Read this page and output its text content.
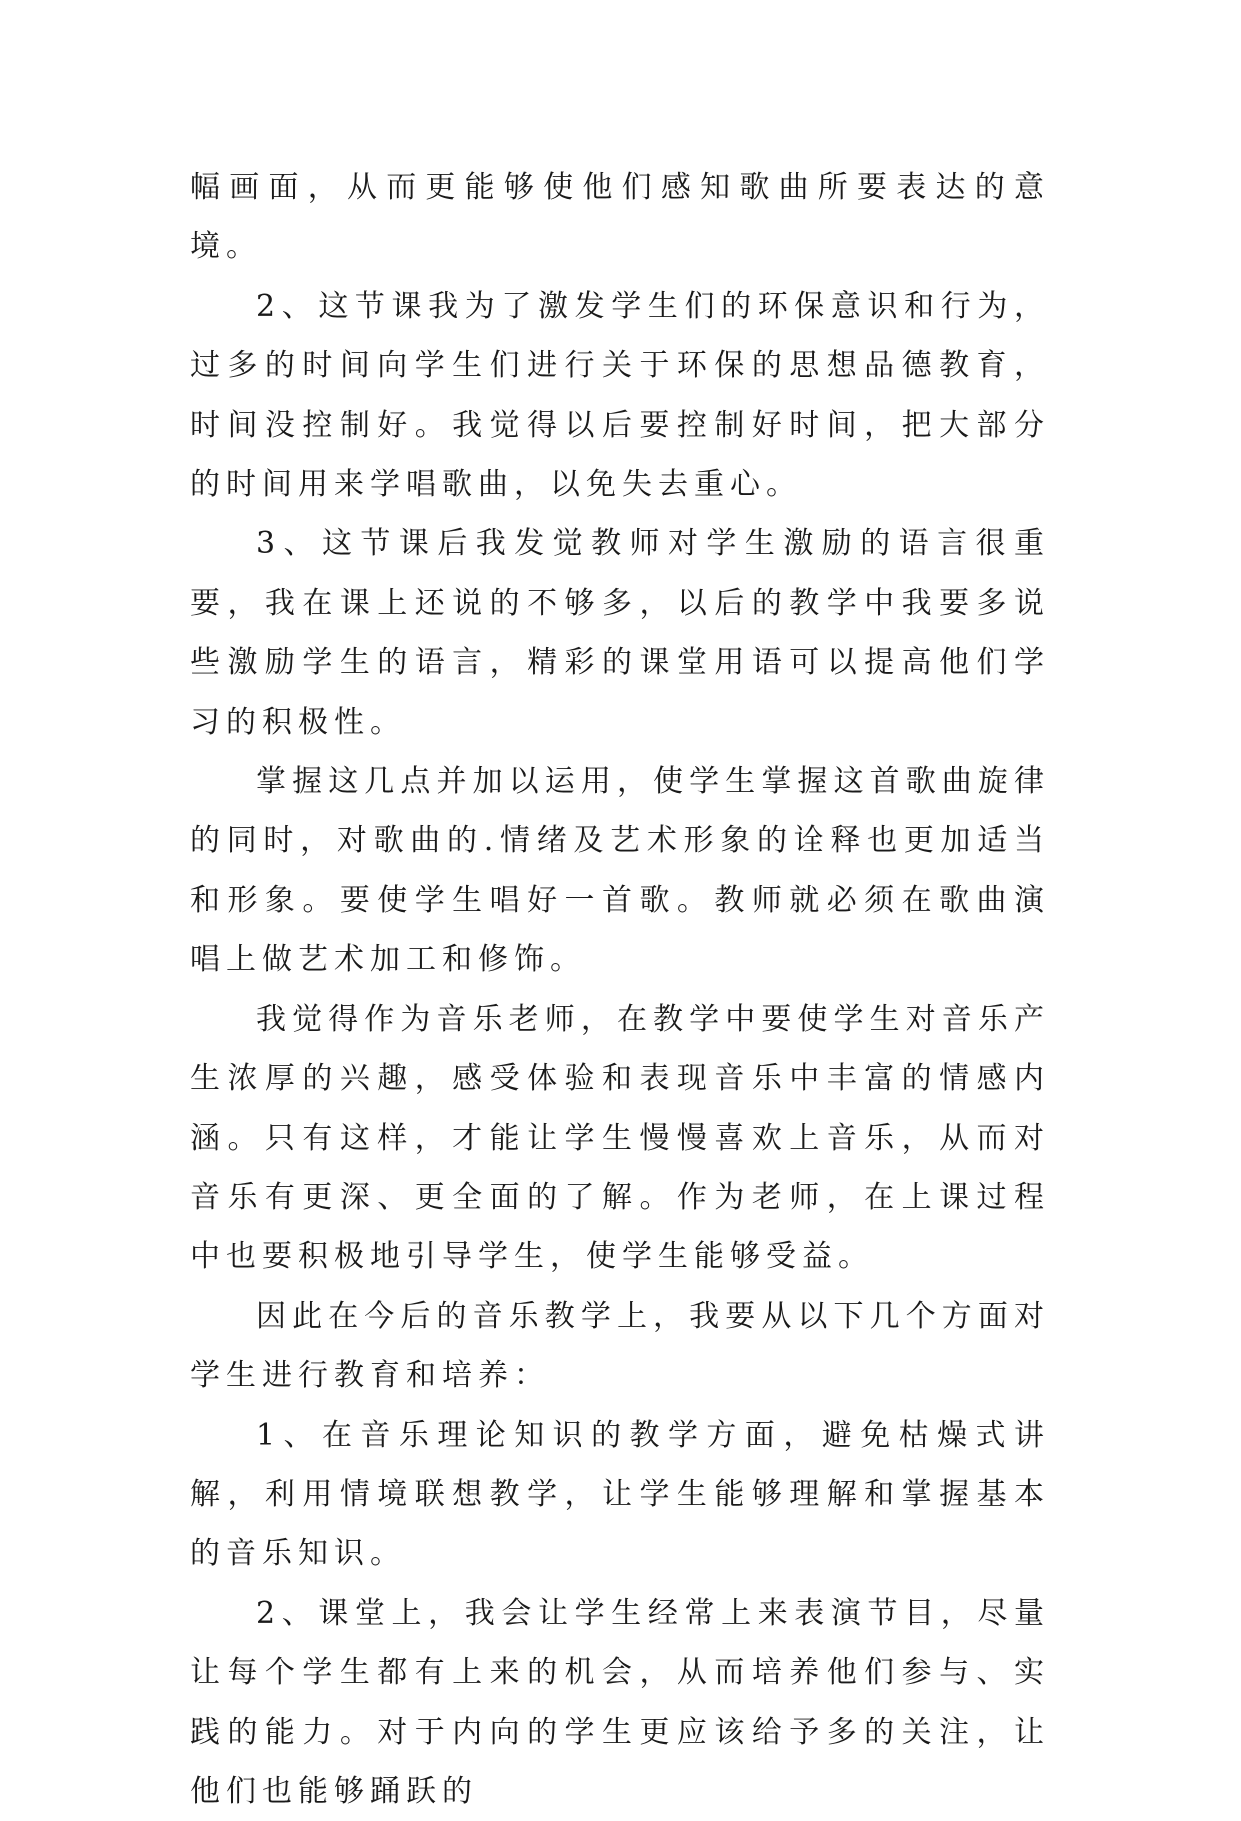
幅画面，从而更能够使他们感知歌曲所要表达的意境。

2、这节课我为了激发学生们的环保意识和行为，过多的时间向学生们进行关于环保的思想品德教育，时间没控制好。我觉得以后要控制好时间，把大部分的时间用来学唱歌曲，以免失去重心。

3、这节课后我发觉教师对学生激励的语言很重要，我在课上还说的不够多，以后的教学中我要多说些激励学生的语言，精彩的课堂用语可以提高他们学习的积极性。

掌握这几点并加以运用，使学生掌握这首歌曲旋律的同时，对歌曲的.情绪及艺术形象的诠释也更加适当和形象。要使学生唱好一首歌。教师就必须在歌曲演唱上做艺术加工和修饰。

我觉得作为音乐老师，在教学中要使学生对音乐产生浓厚的兴趣，感受体验和表现音乐中丰富的情感内涵。只有这样，才能让学生慢慢喜欢上音乐，从而对音乐有更深、更全面的了解。作为老师，在上课过程中也要积极地引导学生，使学生能够受益。

因此在今后的音乐教学上，我要从以下几个方面对学生进行教育和培养：

1、在音乐理论知识的教学方面，避免枯燥式讲解，利用情境联想教学，让学生能够理解和掌握基本的音乐知识。

2、课堂上，我会让学生经常上来表演节目，尽量让每个学生都有上来的机会，从而培养他们参与、实践的能力。对于内向的学生更应该给予多的关注，让他们也能够踊跃的
